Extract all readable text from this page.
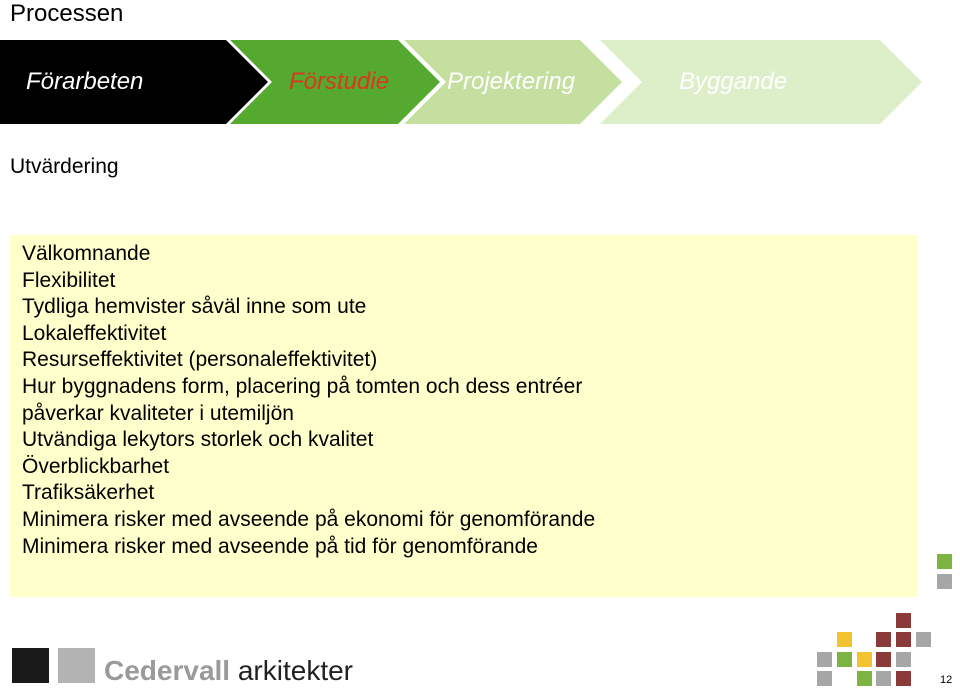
Processen
Förarbeten	Förstudie Projektering	Byggande
Utvärdering
Välkomnande
Flexibilitet
Tydliga hemvister såväl inne som ute
Lokaleffektivitet
Resurseffektivitet (personaleffektivitet)
Hur byggnadens form, placering på tomten och dess entréer
påverkar kvaliteter i utemiljön
Utvändiga lekytors storlek och kvalitet
Överblickbarhet
Trafiksäkerhet
Minimera risker med avseende på ekonomi för genomförande
Minimera risker med avseende på tid för genomförande
Cedervall arkitekter	12
